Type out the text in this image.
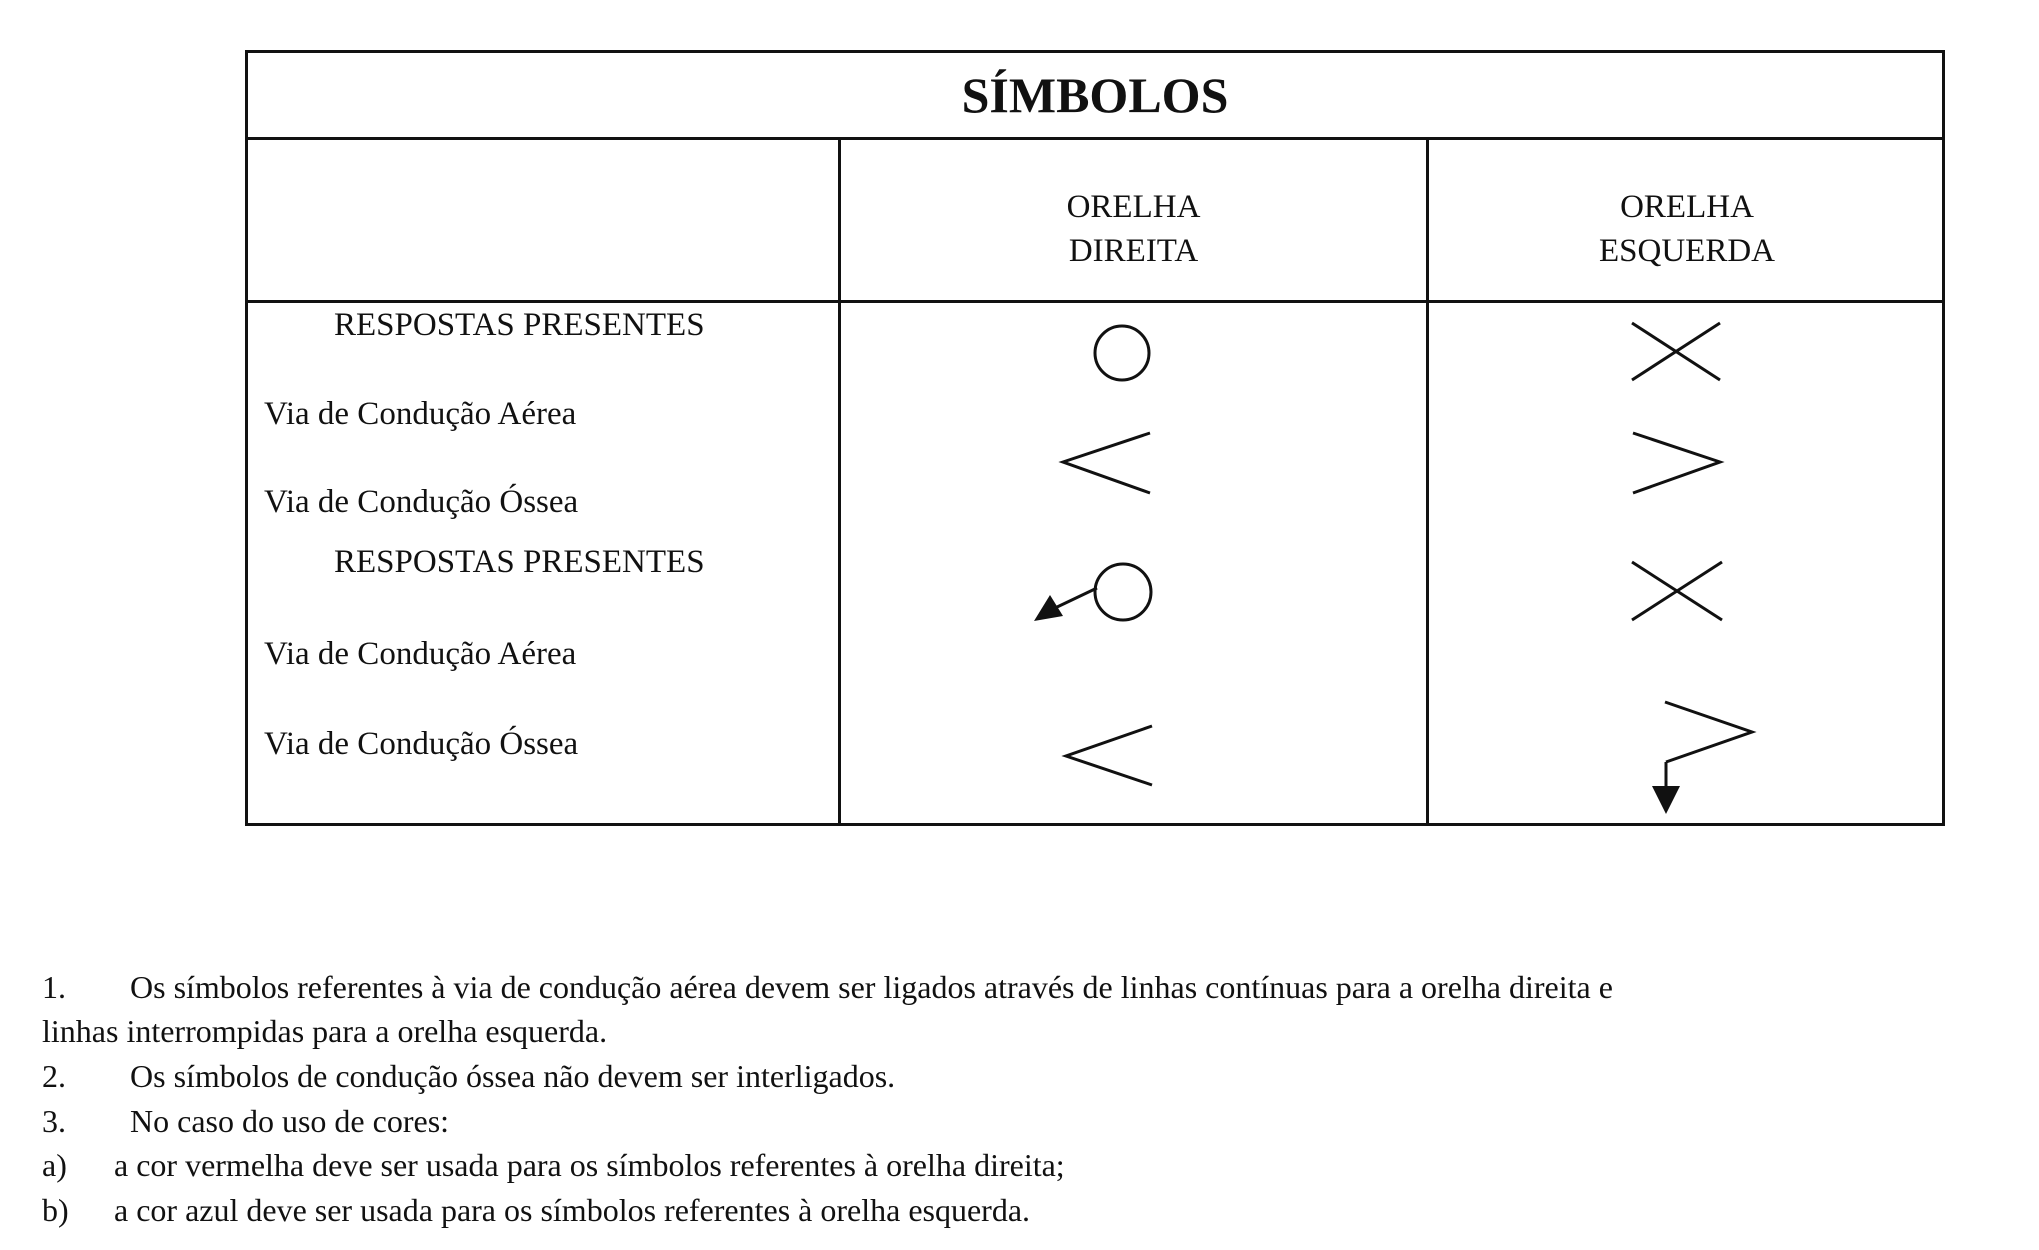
SÍMBOLOS
ORELHA
DIREITA
ORELHA
ESQUERDA
RESPOSTAS PRESENTES
Via de Condução Aérea
Via de Condução Óssea
RESPOSTAS PRESENTES
Via de Condução Aérea
Via de Condução Óssea
1. Os símbolos referentes à via de condução aérea devem ser ligados através de linhas contínuas para a orelha direita e
linhas interrompidas para a orelha esquerda.
2. Os símbolos de condução óssea não devem ser interligados.
3. No caso do uso de cores:
a) a cor vermelha deve ser usada para os símbolos referentes à orelha direita;
b) a cor azul deve ser usada para os símbolos referentes à orelha esquerda.
